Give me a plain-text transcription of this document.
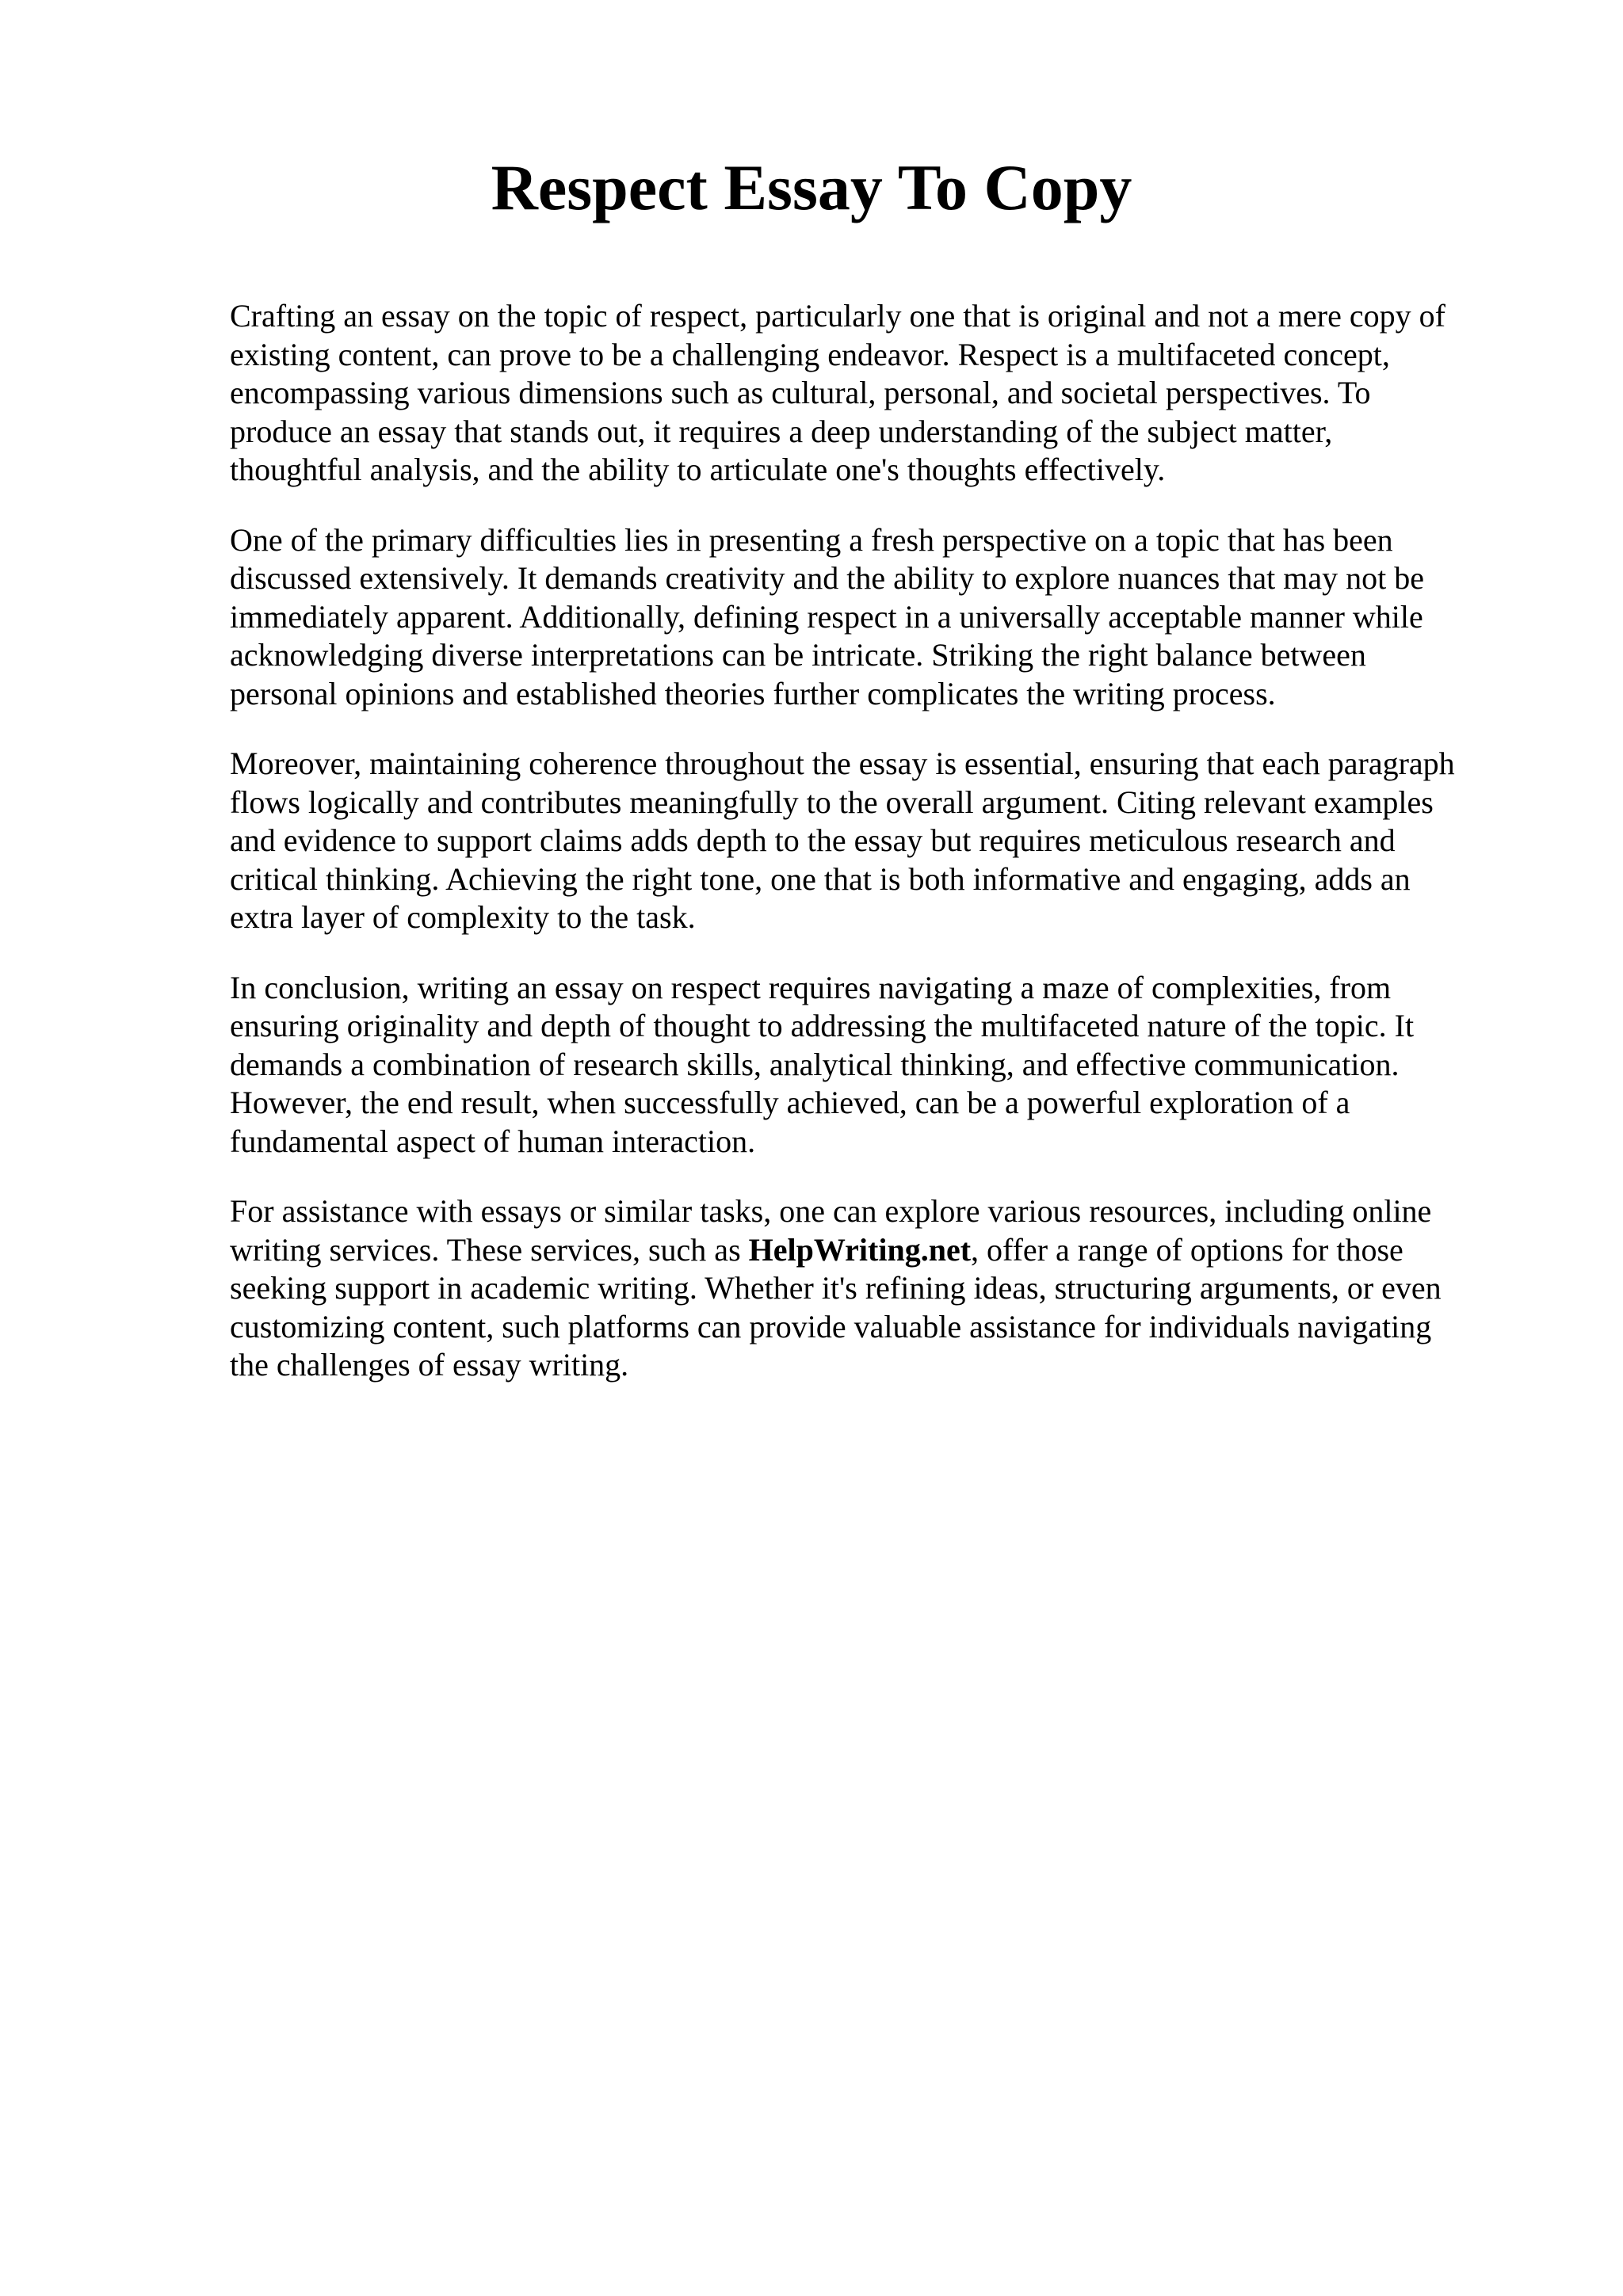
Respect Essay To Copy

Crafting an essay on the topic of respect, particularly one that is original and not a mere copy of
existing content, can prove to be a challenging endeavor. Respect is a multifaceted concept,
encompassing various dimensions such as cultural, personal, and societal perspectives. To
produce an essay that stands out, it requires a deep understanding of the subject matter,
thoughtful analysis, and the ability to articulate one's thoughts effectively.

One of the primary difficulties lies in presenting a fresh perspective on a topic that has been
discussed extensively. It demands creativity and the ability to explore nuances that may not be
immediately apparent. Additionally, defining respect in a universally acceptable manner while
acknowledging diverse interpretations can be intricate. Striking the right balance between
personal opinions and established theories further complicates the writing process.

Moreover, maintaining coherence throughout the essay is essential, ensuring that each paragraph
flows logically and contributes meaningfully to the overall argument. Citing relevant examples
and evidence to support claims adds depth to the essay but requires meticulous research and
critical thinking. Achieving the right tone, one that is both informative and engaging, adds an
extra layer of complexity to the task.

In conclusion, writing an essay on respect requires navigating a maze of complexities, from
ensuring originality and depth of thought to addressing the multifaceted nature of the topic. It
demands a combination of research skills, analytical thinking, and effective communication.
However, the end result, when successfully achieved, can be a powerful exploration of a
fundamental aspect of human interaction.

For assistance with essays or similar tasks, one can explore various resources, including online
writing services. These services, such as HelpWriting.net, offer a range of options for those
seeking support in academic writing. Whether it's refining ideas, structuring arguments, or even
customizing content, such platforms can provide valuable assistance for individuals navigating
the challenges of essay writing.
